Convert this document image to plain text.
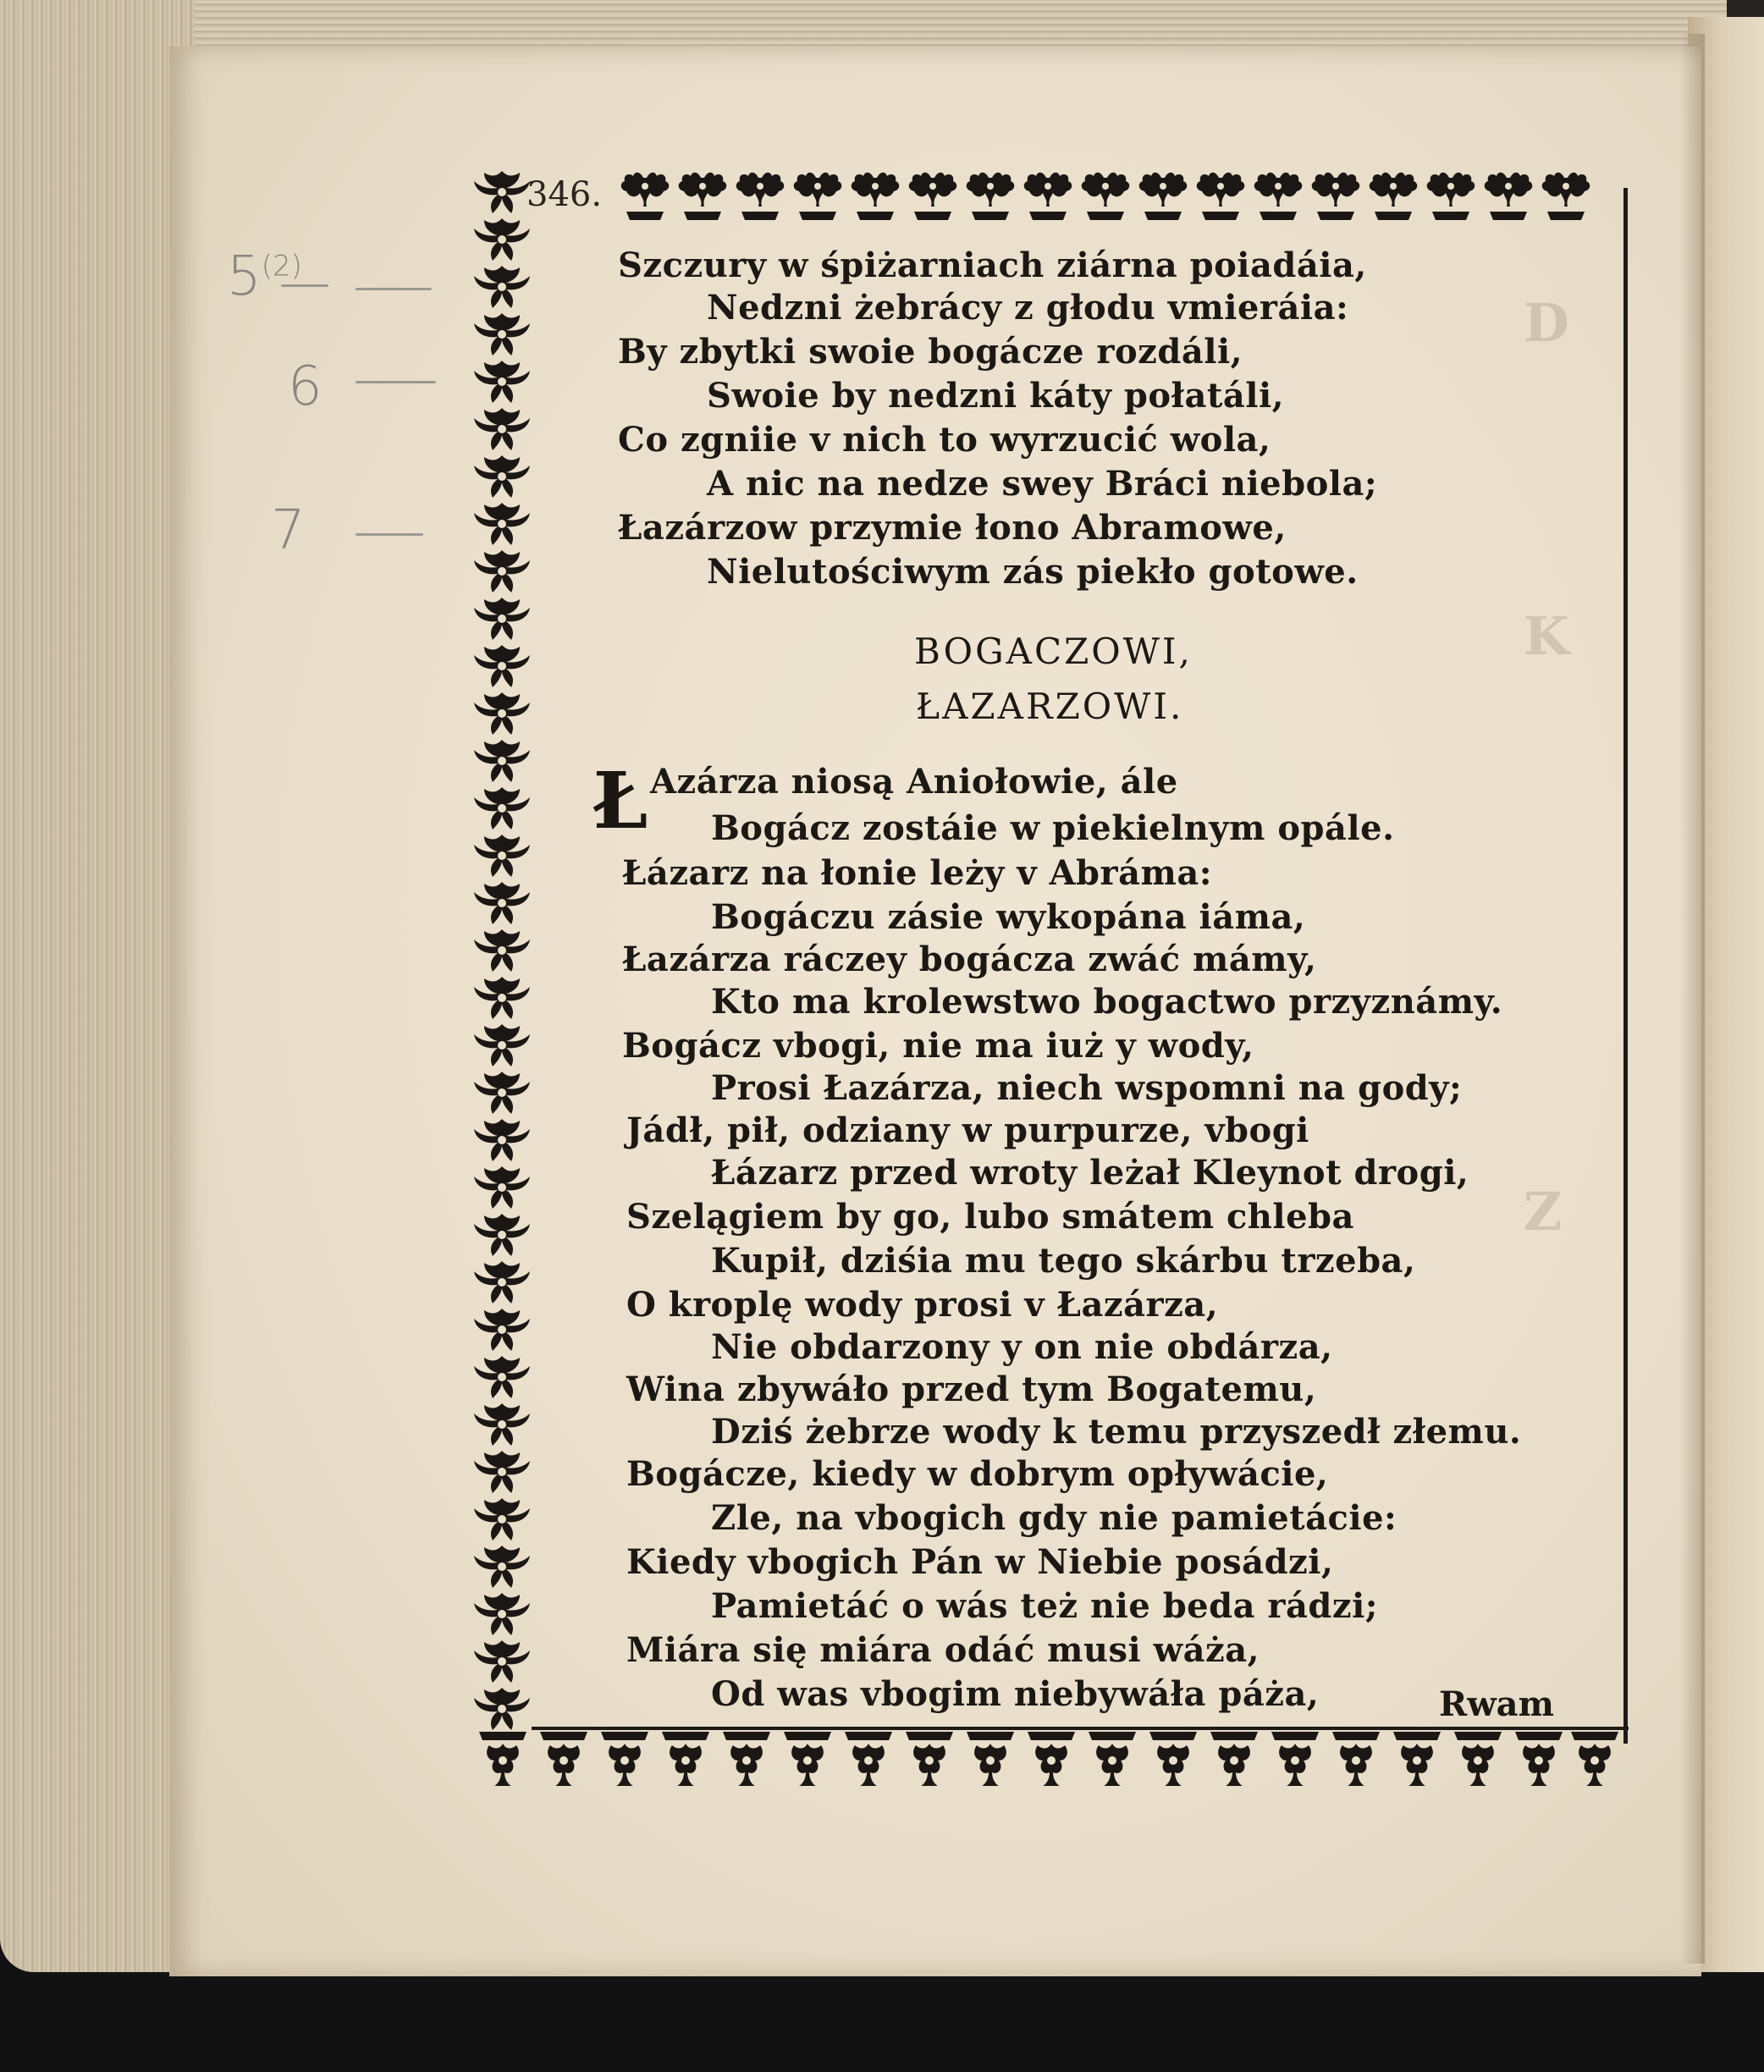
D
K
Z
5$^{(2)}$
6
7
346.
Szczury w śpiżarniach ziárna poiadáia,
Nedzni żebrácy z głodu vmieráia:
By zbytki swoie bogácze rozdáli,
Swoie by nedzni káty połatáli,
Co zgniie v nich to wyrzucić wola,
A nic na nedze swey Bráci niebola;
Łazárzow przymie łono Abramowe,
Nielutościwym zás piekło gotowe.
BOGACZOWI,
ŁAZARZOWI.
Ł Azárza niosą Aniołowie, ále
Bogácz zostáie w piekielnym opále.
Łázarz na łonie leży v Abráma:
Bogáczu zásie wykopána iáma,
Łazárza ráczey bogácza zwáć mámy,
Kto ma krolewstwo bogactwo przyznámy.
Bogácz vbogi, nie ma iuż y wody,
Prosi Łazárza, niech wspomni na gody;
Jádł, pił, odziany w purpurze, vbogi
Łázarz przed wroty leżał Kleynot drogi,
Szelągiem by go, lubo smátem chleba
Kupił, dziśia mu tego skárbu trzeba,
O kroplę wody prosi v Łazárza,
Nie obdarzony y on nie obdárza,
Wina zbywáło przed tym Bogatemu,
Dziś żebrze wody k temu przyszedł złemu.
Bogácze, kiedy w dobrym opływácie,
Zle, na vbogich gdy nie pamietácie:
Kiedy vbogich Pán w Niebie posádzi,
Pamietáć o wás też nie beda rádzi;
Miára się miára odáć musi wáża,
Od was vbogim niebywáła páża,	Rwam
